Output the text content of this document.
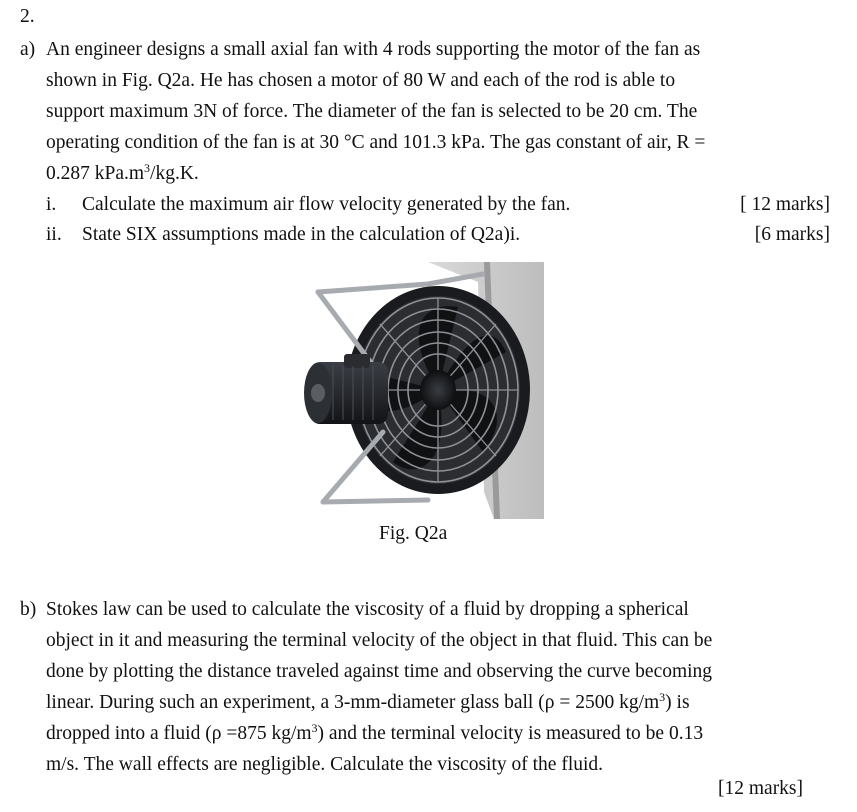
2.
a) An engineer designs a small axial fan with 4 rods supporting the motor of the fan as
shown in Fig. Q2a. He has chosen a motor of 80 W and each of the rod is able to
support maximum 3N of force. The diameter of the fan is selected to be 20 cm. The
operating condition of the fan is at 30 °C and 101.3 kPa. The gas constant of air, R =
0.287 $kPa.m^3/kg.K$.
i. Calculate the maximum air flow velocity generated by the fan.	[ 12 marks]
ii. State SIX assumptions made in the calculation of Q2a)i.	[6 marks]
Fig. Q2a
b) Stokes law can be used to calculate the viscosity of a fluid by dropping a spherical
object in it and measuring the terminal velocity of the object in that fluid. This can be
done by plotting the distance traveled against time and observing the curve becoming
linear. During such an experiment, a 3-mm-diameter glass ball (ρ = 2500 $kg/m^3$) is
dropped into a fluid (ρ =875 $kg/m^3$) and the terminal velocity is measured to be 0.13
m/s. The wall effects are negligible. Calculate the viscosity of the fluid.
[12 marks]
